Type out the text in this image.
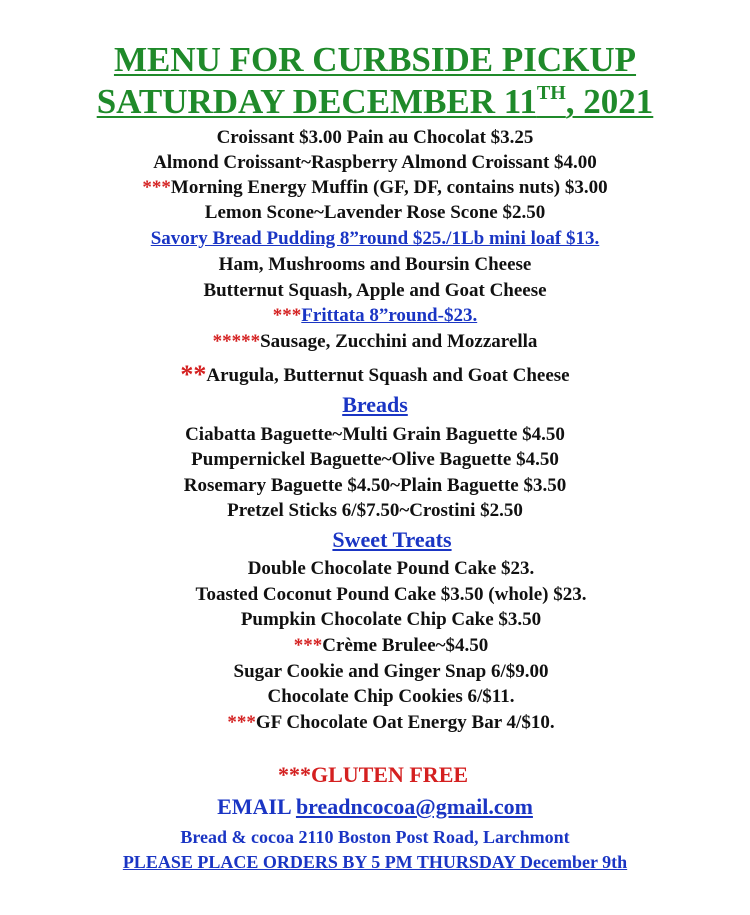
MENU FOR CURBSIDE PICKUP
SATURDAY DECEMBER 11TH, 2021
Croissant $3.00 Pain au Chocolat $3.25
Almond Croissant~Raspberry Almond Croissant $4.00
***Morning Energy Muffin (GF, DF, contains nuts) $3.00
Lemon Scone~Lavender Rose Scone $2.50
Savory Bread Pudding 8”round $25./1Lb mini loaf $13.
Ham, Mushrooms and Boursin Cheese
Butternut Squash, Apple and Goat Cheese
***Frittata 8”round-$23.
*****Sausage, Zucchini and Mozzarella
**Arugula, Butternut Squash and Goat Cheese
Breads
Ciabatta Baguette~Multi Grain Baguette $4.50
Pumpernickel Baguette~Olive Baguette $4.50
Rosemary Baguette $4.50~Plain Baguette $3.50
Pretzel Sticks 6/$7.50~Crostini $2.50
Sweet Treats
Double Chocolate Pound Cake $23.
Toasted Coconut Pound Cake $3.50 (whole) $23.
Pumpkin Chocolate Chip Cake $3.50
***Crème Brulee~$4.50
Sugar Cookie and Ginger Snap 6/$9.00
Chocolate Chip Cookies 6/$11.
***GF Chocolate Oat Energy Bar 4/$10.
***GLUTEN FREE
EMAIL breadncocoa@gmail.com
Bread & cocoa 2110 Boston Post Road, Larchmont
PLEASE PLACE ORDERS BY 5 PM THURSDAY December 9th
